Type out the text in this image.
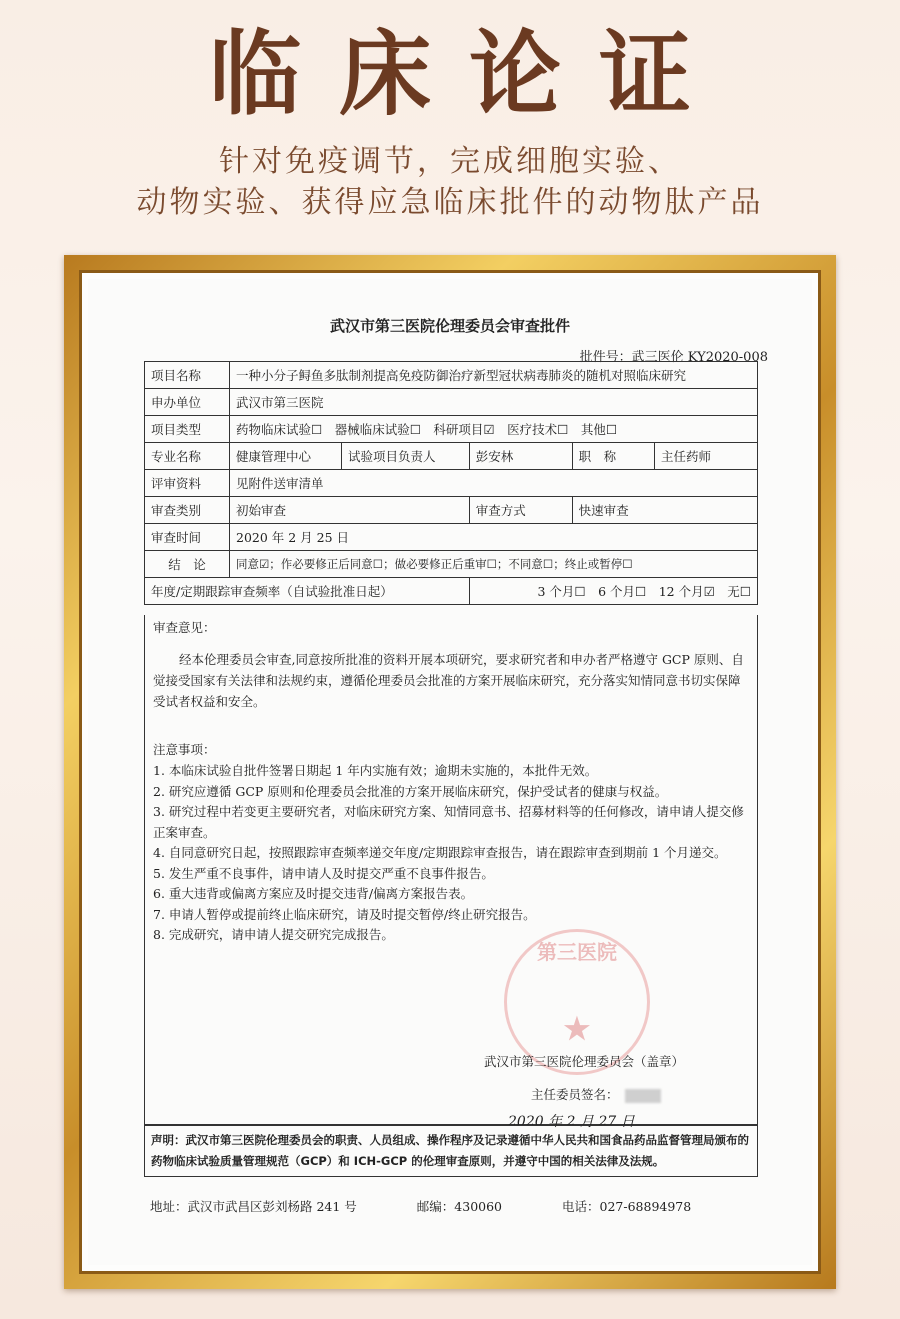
临床论证
针对免疫调节，完成细胞实验、
动物实验、获得应急临床批件的动物肽产品
武汉市第三医院伦理委员会审查批件
批件号：武三医伦 KY2020-008
项目名称	一种小分子鲟鱼多肽制剂提高免疫防御治疗新型冠状病毒肺炎的随机对照临床研究				
申办单位	武汉市第三医院				
项目类型	药物临床试验☐　器械临床试验☐　科研项目☑　医疗技术☐　其他☐				
专业名称	健康管理中心	试验项目负责人	彭安林	职　称	主任药师
评审资料	见附件送审清单				
审查类别	初始审查		审查方式	快速审查	
审查时间	2020 年 2 月 25 日				
结　论	同意☑；作必要修正后同意☐；做必要修正后重审☐；不同意☐；终止或暂停☐				
年度/定期跟踪审查频率（自试验批准日起）			3 个月☐　6 个月☐　12 个月☑　无☐		
审查意见：
经本伦理委员会审查,同意按所批准的资料开展本项研究，要求研究者和申办者严格遵守 GCP 原则、自觉接受国家有关法律和法规约束，遵循伦理委员会批准的方案开展临床研究，充分落实知情同意书切实保障受试者权益和安全。
注意事项：
1. 本临床试验自批件签署日期起 1 年内实施有效；逾期未实施的，本批件无效。
2. 研究应遵循 GCP 原则和伦理委员会批准的方案开展临床研究，保护受试者的健康与权益。
3. 研究过程中若变更主要研究者，对临床研究方案、知情同意书、招募材料等的任何修改，请申请人提交修正案审查。
4. 自同意研究日起，按照跟踪审查频率递交年度/定期跟踪审查报告，请在跟踪审查到期前 1 个月递交。
5. 发生严重不良事件，请申请人及时提交严重不良事件报告。
6. 重大违背或偏离方案应及时提交违背/偏离方案报告表。
7. 申请人暂停或提前终止临床研究，请及时提交暂停/终止研究报告。
8. 完成研究，请申请人提交研究完成报告。
第三医院
★
武汉市第三医院伦理委员会（盖章）
主任委员签名：
2020 年 2 月 27 日
声明：武汉市第三医院伦理委员会的职责、人员组成、操作程序及记录遵循中华人民共和国食品药品监督管理局颁布的药物临床试验质量管理规范（GCP）和 ICH-GCP 的伦理审查原则，并遵守中国的相关法律及法规。
地址：武汉市武昌区彭刘杨路 241 号	邮编：430060	电话：027-68894978
